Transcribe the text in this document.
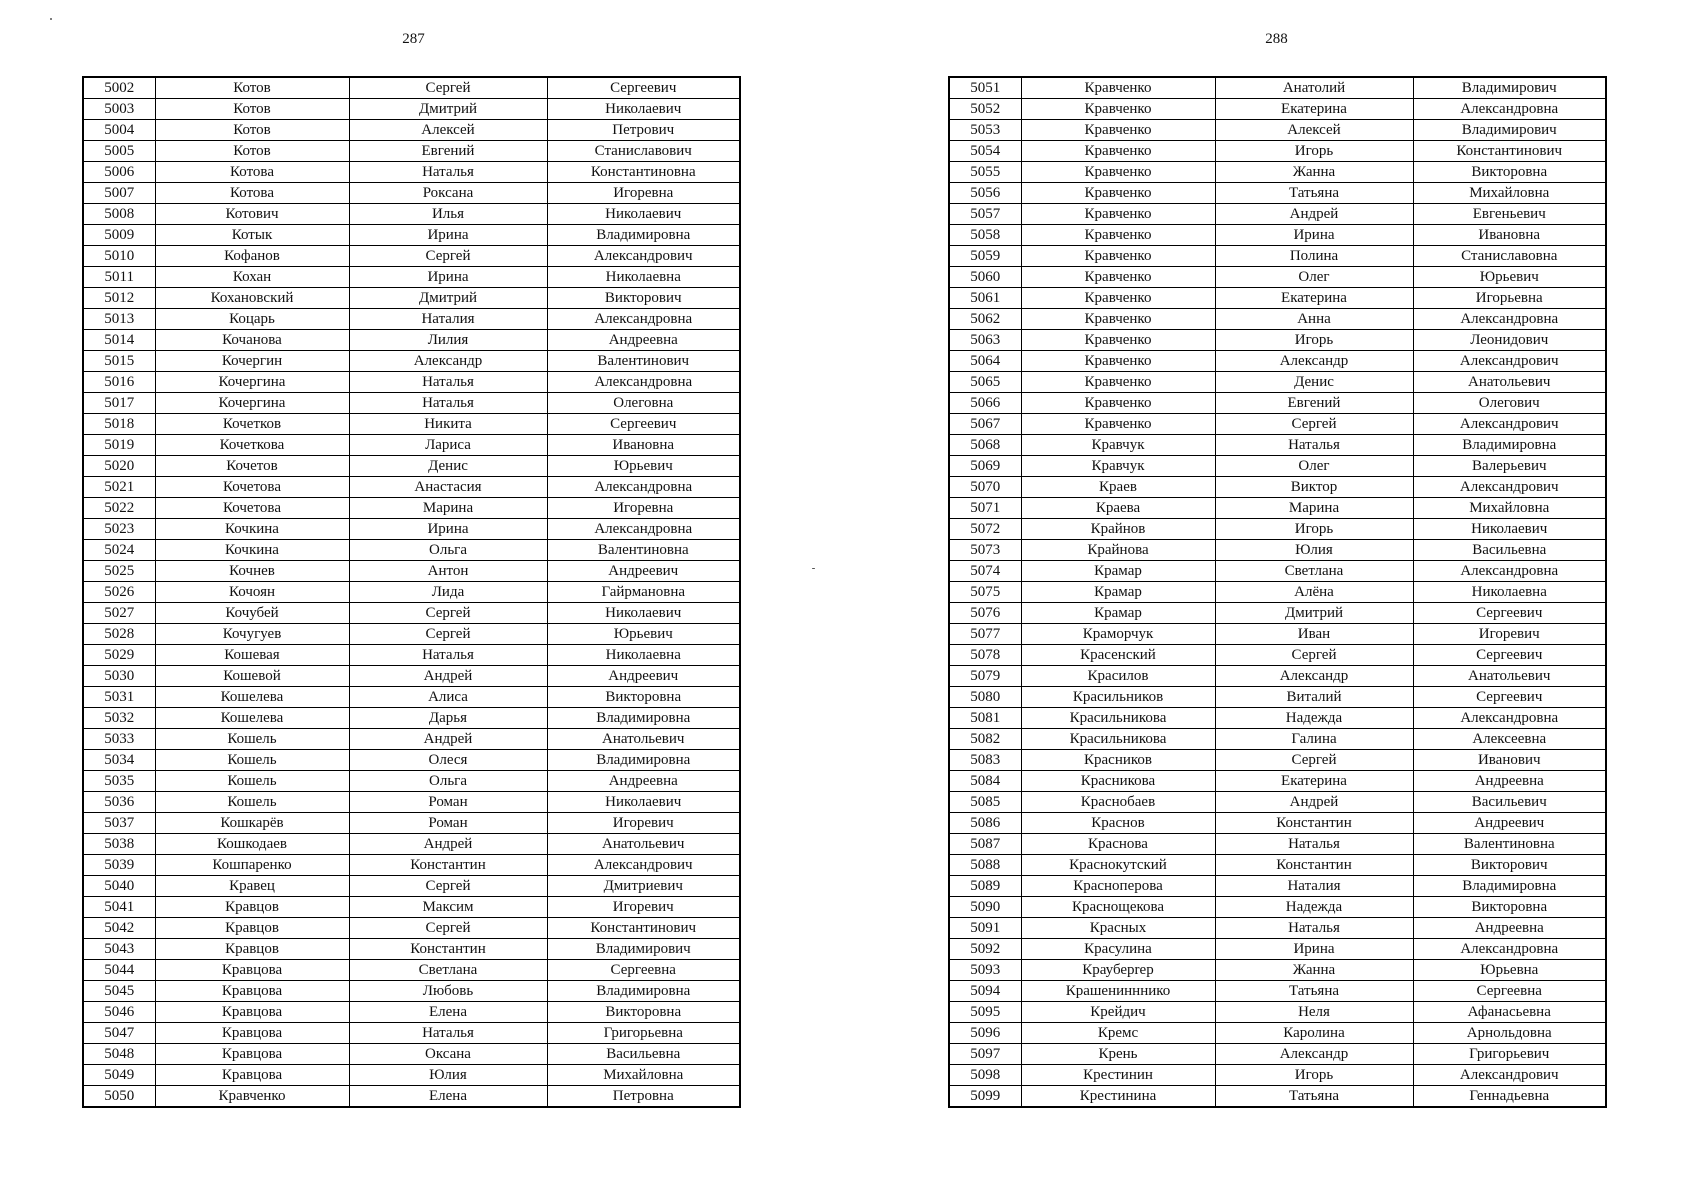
287
5002	Котов	Сергей	Сергеевич
5003	Котов	Дмитрий	Николаевич
5004	Котов	Алексей	Петрович
5005	Котов	Евгений	Станиславович
5006	Котова	Наталья	Константиновна
5007	Котова	Роксана	Игоревна
5008	Котович	Илья	Николаевич
5009	Котык	Ирина	Владимировна
5010	Кофанов	Сергей	Александрович
5011	Кохан	Ирина	Николаевна
5012	Кохановский	Дмитрий	Викторович
5013	Коцарь	Наталия	Александровна
5014	Кочанова	Лилия	Андреевна
5015	Кочергин	Александр	Валентинович
5016	Кочергина	Наталья	Александровна
5017	Кочергина	Наталья	Олеговна
5018	Кочетков	Никита	Сергеевич
5019	Кочеткова	Лариса	Ивановна
5020	Кочетов	Денис	Юрьевич
5021	Кочетова	Анастасия	Александровна
5022	Кочетова	Марина	Игоревна
5023	Кочкина	Ирина	Александровна
5024	Кочкина	Ольга	Валентиновна
5025	Кочнев	Антон	Андреевич
5026	Кочоян	Лида	Гайрмановна
5027	Кочубей	Сергей	Николаевич
5028	Кочугуев	Сергей	Юрьевич
5029	Кошевая	Наталья	Николаевна
5030	Кошевой	Андрей	Андреевич
5031	Кошелева	Алиса	Викторовна
5032	Кошелева	Дарья	Владимировна
5033	Кошель	Андрей	Анатольевич
5034	Кошель	Олеся	Владимировна
5035	Кошель	Ольга	Андреевна
5036	Кошель	Роман	Николаевич
5037	Кошкарёв	Роман	Игоревич
5038	Кошкодаев	Андрей	Анатольевич
5039	Кошпаренко	Константин	Александрович
5040	Кравец	Сергей	Дмитриевич
5041	Кравцов	Максим	Игоревич
5042	Кравцов	Сергей	Константинович
5043	Кравцов	Константин	Владимирович
5044	Кравцова	Светлана	Сергеевна
5045	Кравцова	Любовь	Владимировна
5046	Кравцова	Елена	Викторовна
5047	Кравцова	Наталья	Григорьевна
5048	Кравцова	Оксана	Васильевна
5049	Кравцова	Юлия	Михайловна
5050	Кравченко	Елена	Петровна
288
5051	Кравченко	Анатолий	Владимирович
5052	Кравченко	Екатерина	Александровна
5053	Кравченко	Алексей	Владимирович
5054	Кравченко	Игорь	Константинович
5055	Кравченко	Жанна	Викторовна
5056	Кравченко	Татьяна	Михайловна
5057	Кравченко	Андрей	Евгеньевич
5058	Кравченко	Ирина	Ивановна
5059	Кравченко	Полина	Станиславовна
5060	Кравченко	Олег	Юрьевич
5061	Кравченко	Екатерина	Игорьевна
5062	Кравченко	Анна	Александровна
5063	Кравченко	Игорь	Леонидович
5064	Кравченко	Александр	Александрович
5065	Кравченко	Денис	Анатольевич
5066	Кравченко	Евгений	Олегович
5067	Кравченко	Сергей	Александрович
5068	Кравчук	Наталья	Владимировна
5069	Кравчук	Олег	Валерьевич
5070	Краев	Виктор	Александрович
5071	Краева	Марина	Михайловна
5072	Крайнов	Игорь	Николаевич
5073	Крайнова	Юлия	Васильевна
5074	Крамар	Светлана	Александровна
5075	Крамар	Алёна	Николаевна
5076	Крамар	Дмитрий	Сергеевич
5077	Краморчук	Иван	Игоревич
5078	Красенский	Сергей	Сергеевич
5079	Красилов	Александр	Анатольевич
5080	Красильников	Виталий	Сергеевич
5081	Красильникова	Надежда	Александровна
5082	Красильникова	Галина	Алексеевна
5083	Красников	Сергей	Иванович
5084	Красникова	Екатерина	Андреевна
5085	Краснобаев	Андрей	Васильевич
5086	Краснов	Константин	Андреевич
5087	Краснова	Наталья	Валентиновна
5088	Краснокутский	Константин	Викторович
5089	Красноперова	Наталия	Владимировна
5090	Краснощекова	Надежда	Викторовна
5091	Красных	Наталья	Андреевна
5092	Красулина	Ирина	Александровна
5093	Крауберrер	Жанна	Юрьевна
5094	Крашенинннико	Татьяна	Сергеевна
5095	Крейдич	Неля	Афанасьевна
5096	Кремс	Каролина	Арнольдовна
5097	Крень	Александр	Григорьевич
5098	Крестинин	Игорь	Александрович
5099	Крестинина	Татьяна	Геннадьевна
